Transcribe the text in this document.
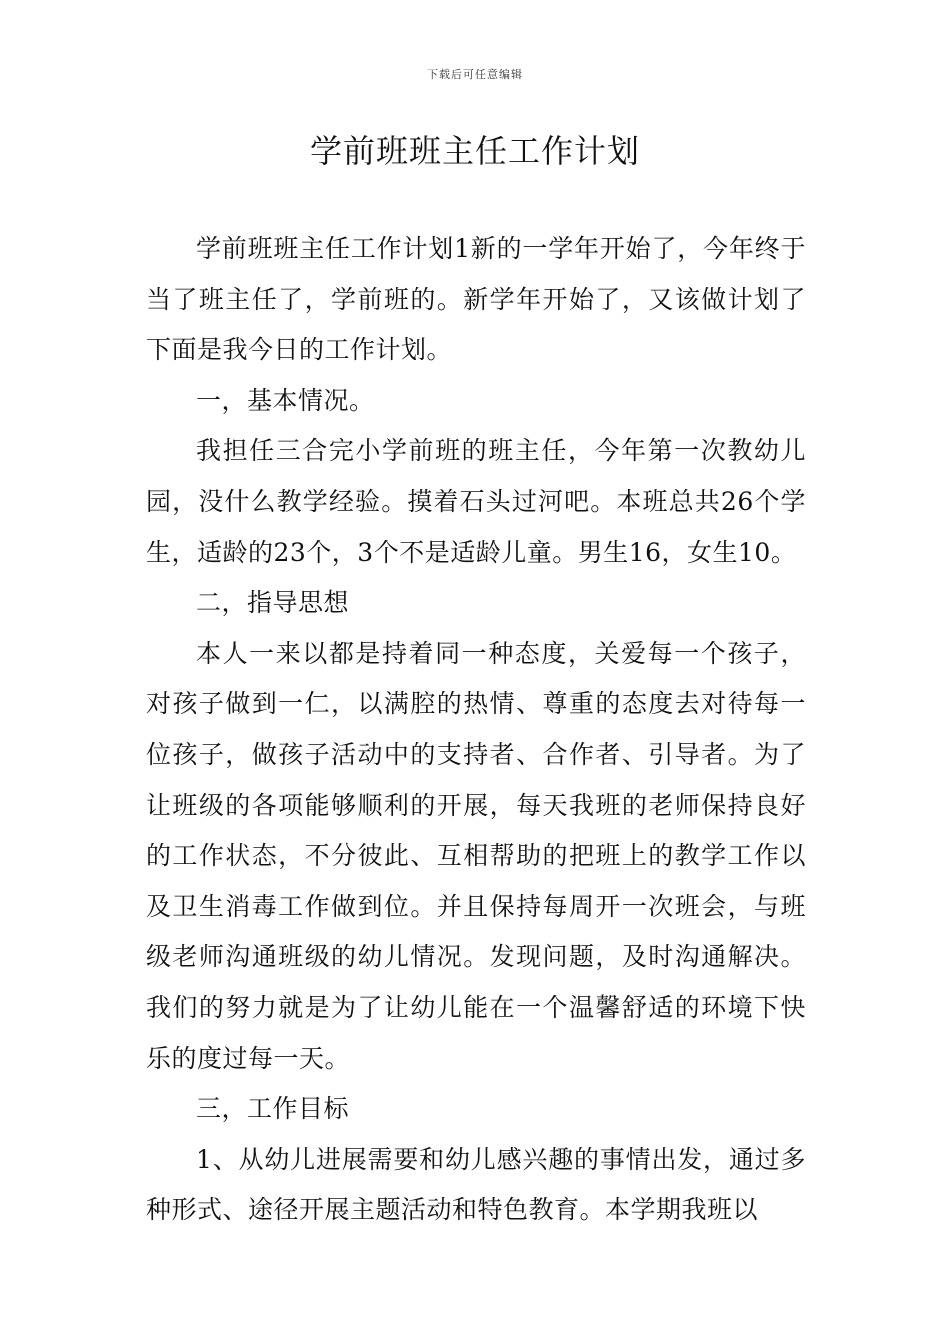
下载后可任意编辑
学前班班主任工作计划

学前班班主任工作计划1新的一学年开始了，今年终于当了班主任了，学前班的。新学年开始了，又该做计划了下面是我今日的工作计划。

一，基本情况。

我担任三合完小学前班的班主任，今年第一次教幼儿园，没什么教学经验。摸着石头过河吧。本班总共26个学生，适龄的23个，3个不是适龄儿童。男生16，女生10。

二，指导思想

本人一来以都是持着同一种态度，关爱每一个孩子，对孩子做到一仁，以满腔的热情、尊重的态度去对待每一位孩子，做孩子活动中的支持者、合作者、引导者。为了让班级的各项能够顺利的开展，每天我班的老师保持良好的工作状态，不分彼此、互相帮助的把班上的教学工作以及卫生消毒工作做到位。并且保持每周开一次班会，与班级老师沟通班级的幼儿情况。发现问题，及时沟通解决。我们的努力就是为了让幼儿能在一个温馨舒适的环境下快乐的度过每一天。

三，工作目标

1、从幼儿进展需要和幼儿感兴趣的事情出发，通过多种形式、途径开展主题活动和特色教育。本学期我班以
